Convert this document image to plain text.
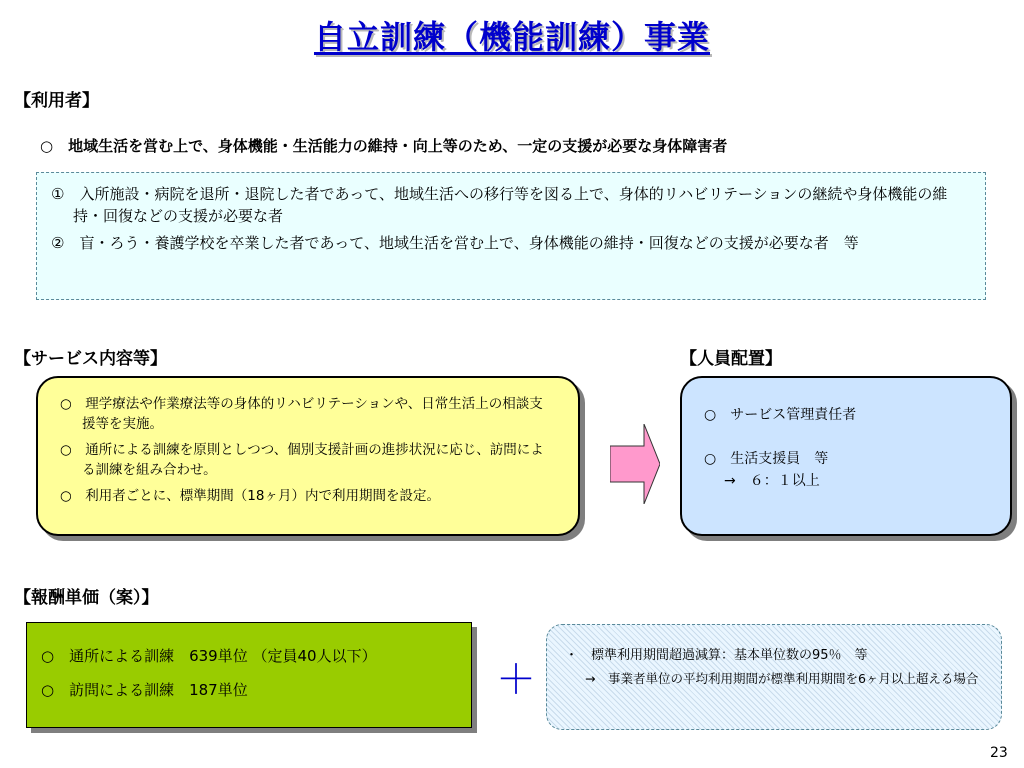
自立訓練（機能訓練）事業
【利用者】
○　地域生活を営む上で、身体機能・生活能力の維持・向上等のため、一定の支援が必要な身体障害者

①　入所施設・病院を退所・退院した者であって、地域生活への移行等を図る上で、身体的リハビリテーションの継続や身体機能の維持・回復などの支援が必要な者

②　盲・ろう・養護学校を卒業した者であって、地域生活を営む上で、身体機能の維持・回復などの支援が必要な者　等

【サービス内容等】	【人員配置】

○　理学療法や作業療法等の身体的リハビリテーションや、日常生活上の相談支援等を実施。

○　通所による訓練を原則としつつ、個別支援計画の進捗状況に応じ、訪問による訓練を組み合わせ。

○　利用者ごとに、標準期間（18ヶ月）内で利用期間を設定。

○　サービス管理責任者

○　生活支援員　等

→　６：１以上

【報酬単価（案）】

○　通所による訓練　639単位 （定員40人以下）

○　訪問による訓練　187単位	＋

・　標準利用期間超過減算：基本単位数の95％　等

→　事業者単位の平均利用期間が標準利用期間を6ヶ月以上超える場合

23
